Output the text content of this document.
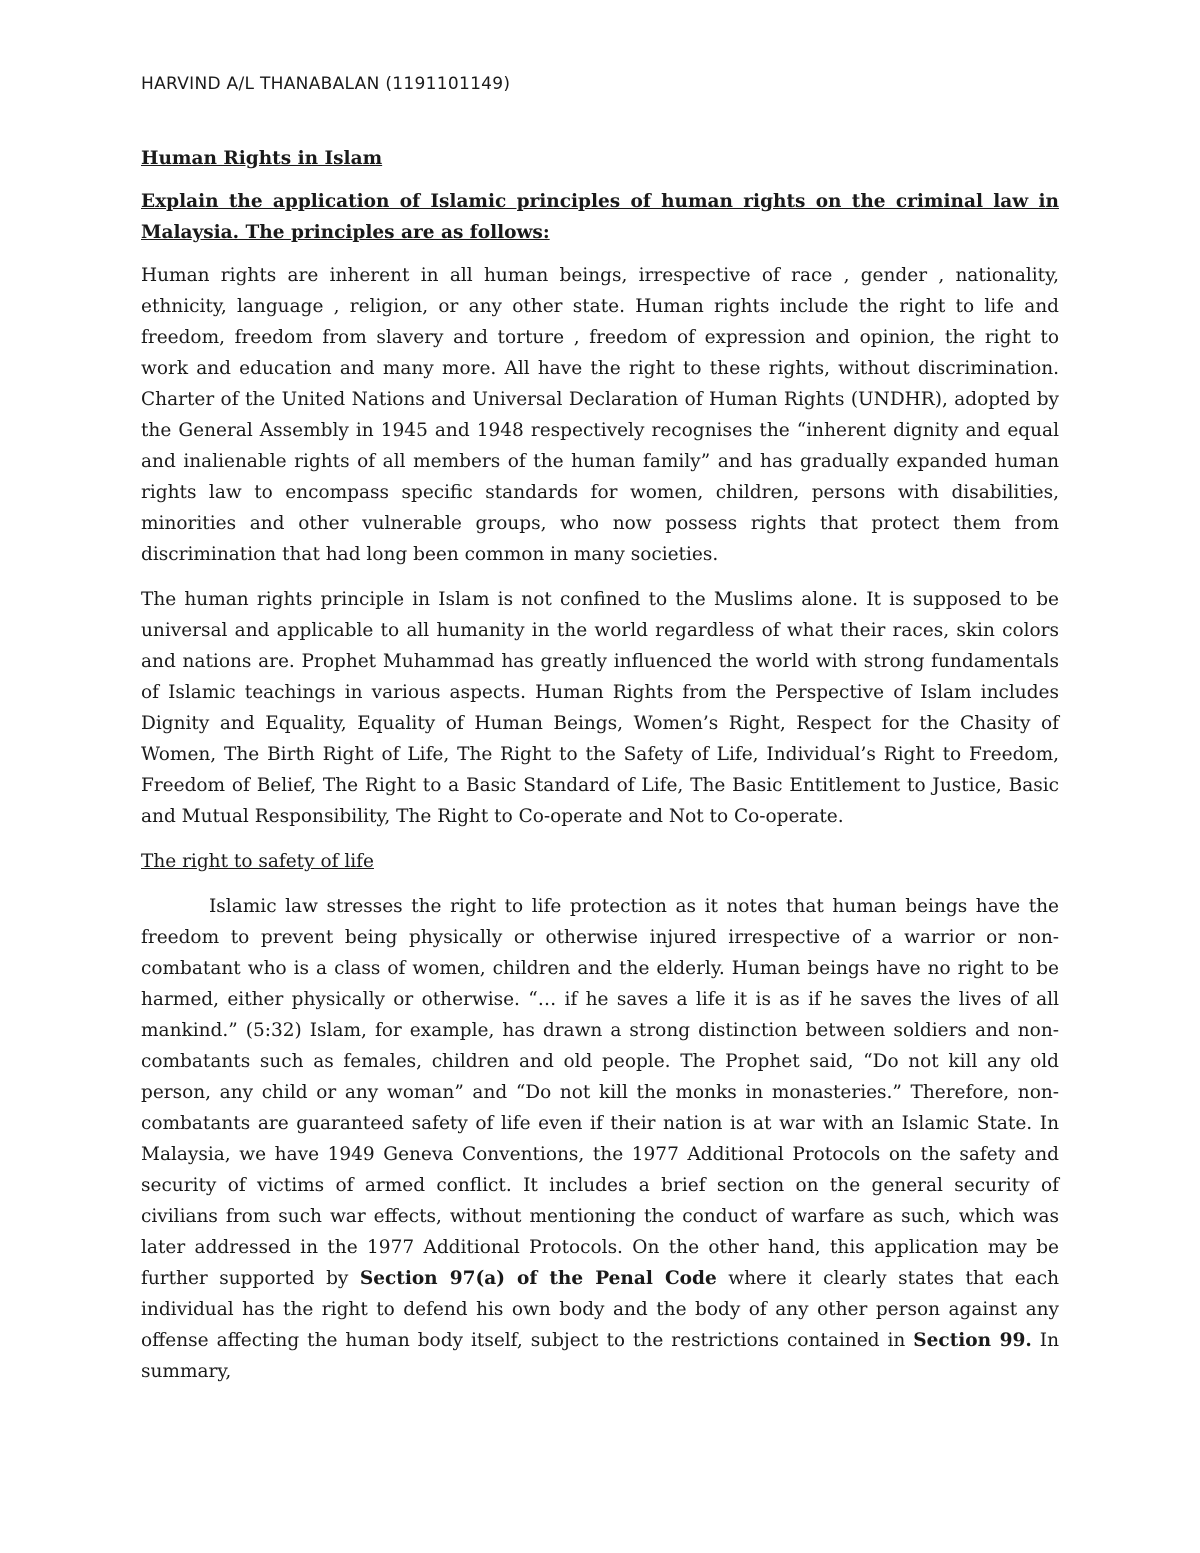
HARVIND A/L THANABALAN (1191101149)

Human Rights in Islam

Explain the application of Islamic principles of human rights on the criminal law in Malaysia. The principles are as follows:

Human rights are inherent in all human beings, irrespective of race , gender , nationality, ethnicity, language , religion, or any other state. Human rights include the right to life and freedom, freedom from slavery and torture , freedom of expression and opinion, the right to work and education and many more. All have the right to these rights, without discrimination. Charter of the United Nations and Universal Declaration of Human Rights (UNDHR), adopted by the General Assembly in 1945 and 1948 respectively recognises the “inherent dignity and equal and inalienable rights of all members of the human family” and has gradually expanded human rights law to encompass specific standards for women, children, persons with disabilities, minorities and other vulnerable groups, who now possess rights that protect them from discrimination that had long been common in many societies.

The human rights principle in Islam is not confined to the Muslims alone. It is supposed to be universal and applicable to all humanity in the world regardless of what their races, skin colors and nations are. Prophet Muhammad has greatly influenced the world with strong fundamentals of Islamic teachings in various aspects. Human Rights from the Perspective of Islam includes Dignity and Equality, Equality of Human Beings, Women’s Right, Respect for the Chasity of Women, The Birth Right of Life, The Right to the Safety of Life, Individual’s Right to Freedom, Freedom of Belief, The Right to a Basic Standard of Life, The Basic Entitlement to Justice, Basic and Mutual Responsibility, The Right to Co-operate and Not to Co-operate.

The right to safety of life

Islamic law stresses the right to life protection as it notes that human beings have the freedom to prevent being physically or otherwise injured irrespective of a warrior or non-combatant who is a class of women, children and the elderly. Human beings have no right to be harmed, either physically or otherwise. “… if he saves a life it is as if he saves the lives of all mankind.” (5:32) Islam, for example, has drawn a strong distinction between soldiers and non-combatants such as females, children and old people. The Prophet said, “Do not kill any old person, any child or any woman” and “Do not kill the monks in monasteries.” Therefore, non-combatants are guaranteed safety of life even if their nation is at war with an Islamic State. In Malaysia, we have 1949 Geneva Conventions, the 1977 Additional Protocols on the safety and security of victims of armed conflict. It includes a brief section on the general security of civilians from such war effects, without mentioning the conduct of warfare as such, which was later addressed in the 1977 Additional Protocols. On the other hand, this application may be further supported by Section 97(a) of the Penal Code where it clearly states that each individual has the right to defend his own body and the body of any other person against any offense affecting the human body itself, subject to the restrictions contained in Section 99. In summary,
